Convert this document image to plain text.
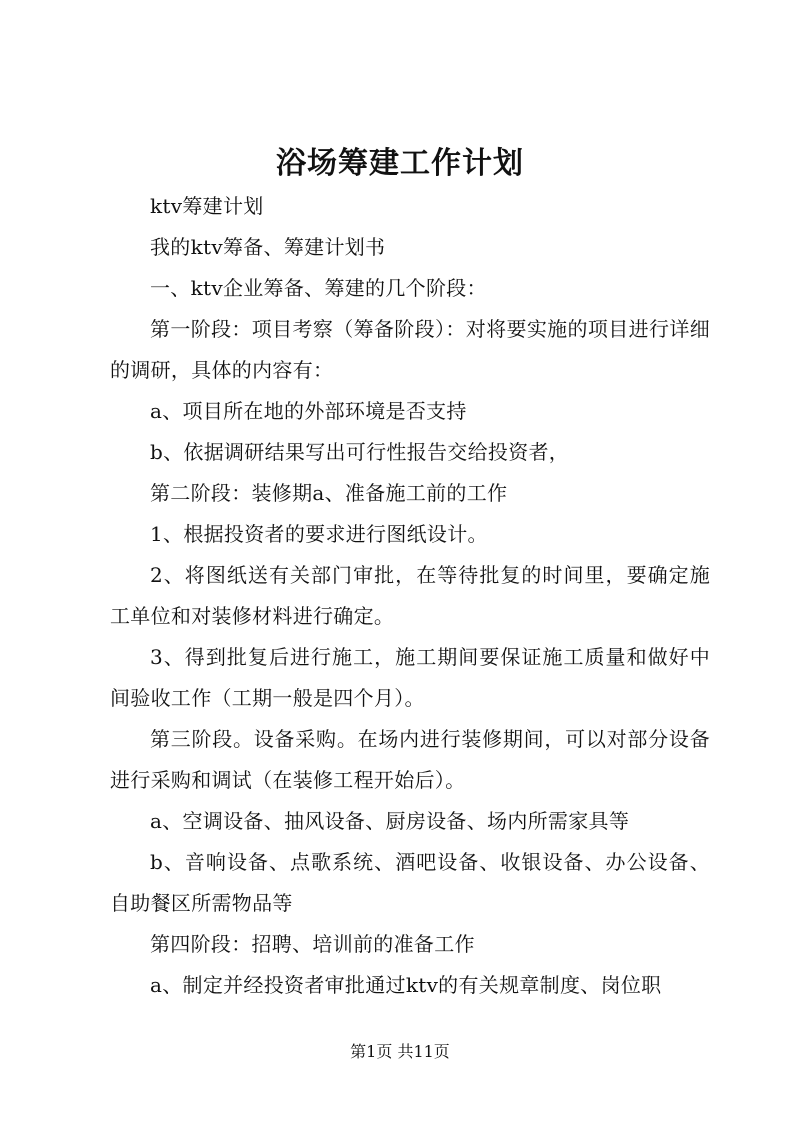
浴场筹建工作计划

ktv筹建计划

我的ktv筹备、筹建计划书

一、ktv企业筹备、筹建的几个阶段：

第一阶段：项目考察（筹备阶段）：对将要实施的项目进行详细的调研，具体的内容有：

a、项目所在地的外部环境是否支持

b、依据调研结果写出可行性报告交给投资者，

第二阶段：装修期a、准备施工前的工作

1、根据投资者的要求进行图纸设计。

2、将图纸送有关部门审批，在等待批复的时间里，要确定施工单位和对装修材料进行确定。

3、得到批复后进行施工，施工期间要保证施工质量和做好中间验收工作（工期一般是四个月）。

第三阶段。设备采购。在场内进行装修期间，可以对部分设备进行采购和调试（在装修工程开始后）。

a、空调设备、抽风设备、厨房设备、场内所需家具等

b、音响设备、点歌系统、酒吧设备、收银设备、办公设备、自助餐区所需物品等

第四阶段：招聘、培训前的准备工作

a、制定并经投资者审批通过ktv的有关规章制度、岗位职

第1页 共11页
